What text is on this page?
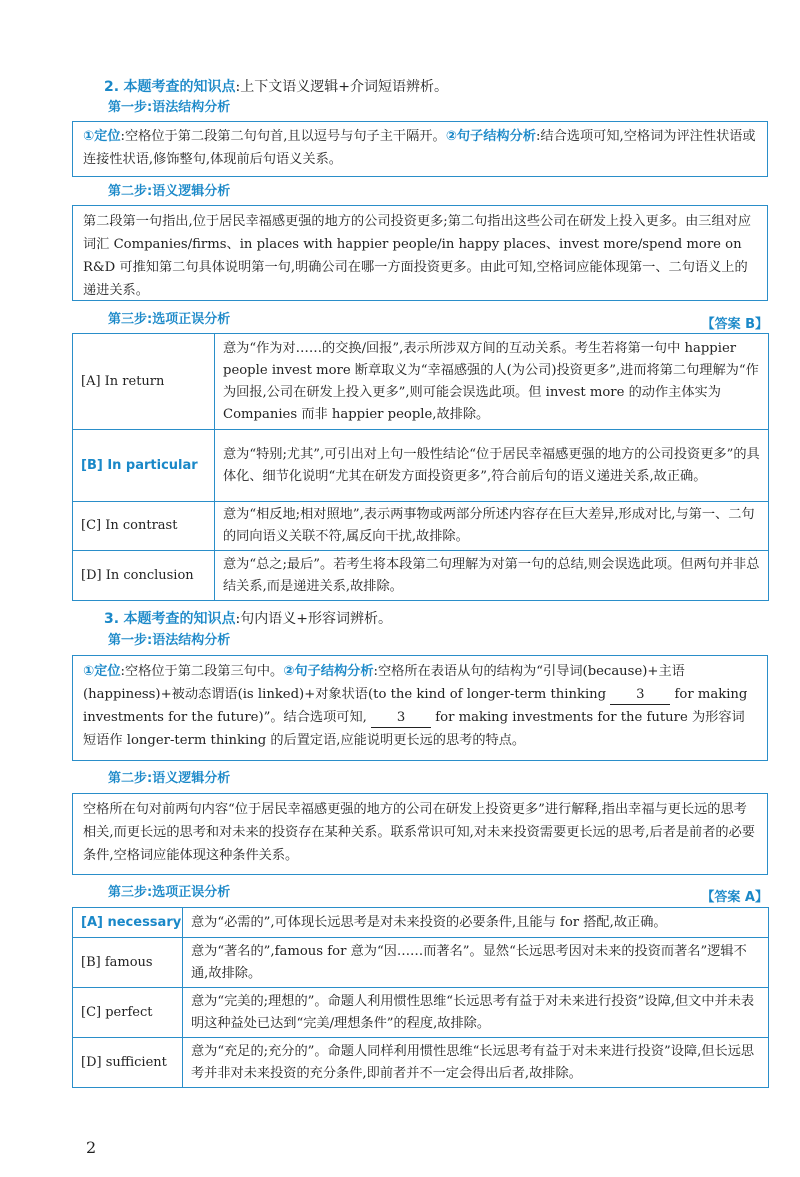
2. 本题考查的知识点:上下文语义逻辑+介词短语辨析。
第一步:语法结构分析
①定位:空格位于第二段第二句句首,且以逗号与句子主干隔开。②句子结构分析:结合选项可知,空格词为评注性状语或连接性状语,修饰整句,体现前后句语义关系。
第二步:语义逻辑分析
第二段第一句指出,位于居民幸福感更强的地方的公司投资更多;第二句指出这些公司在研发上投入更多。由三组对应词汇 Companies/firms、in places with happier people/in happy places、invest more/spend more on R&D 可推知第二句具体说明第一句,明确公司在哪一方面投资更多。由此可知,空格词应能体现第一、二句语义上的递进关系。
第三步:选项正误分析	【答案 B】
[A] In return	意为“作为对……的交换/回报”,表示所涉双方间的互动关系。考生若将第一句中 happier people invest more 断章取义为“幸福感强的人(为公司)投资更多”,进而将第二句理解为“作为回报,公司在研发上投入更多”,则可能会误选此项。但 invest more 的动作主体实为 Companies 而非 happier people,故排除。
[B] In particular	意为“特别;尤其”,可引出对上句一般性结论“位于居民幸福感更强的地方的公司投资更多”的具体化、细节化说明“尤其在研发方面投资更多”,符合前后句的语义递进关系,故正确。
[C] In contrast	意为“相反地;相对照地”,表示两事物或两部分所述内容存在巨大差异,形成对比,与第一、二句的同向语义关联不符,属反向干扰,故排除。
[D] In conclusion	意为“总之;最后”。若考生将本段第二句理解为对第一句的总结,则会误选此项。但两句并非总结关系,而是递进关系,故排除。
3. 本题考查的知识点:句内语义+形容词辨析。
第一步:语法结构分析
①定位:空格位于第二段第三句中。②句子结构分析:空格所在表语从句的结构为“引导词(because)+主语(happiness)+被动态谓语(is linked)+对象状语(to the kind of longer-term thinking 3 for making investments for the future)”。结合选项可知, 3 for making investments for the future 为形容词短语作 longer-term thinking 的后置定语,应能说明更长远的思考的特点。
第二步:语义逻辑分析
空格所在句对前两句内容“位于居民幸福感更强的地方的公司在研发上投资更多”进行解释,指出幸福与更长远的思考相关,而更长远的思考和对未来的投资存在某种关系。联系常识可知,对未来投资需要更长远的思考,后者是前者的必要条件,空格词应能体现这种条件关系。
第三步:选项正误分析	【答案 A】
[A] necessary	意为“必需的”,可体现长远思考是对未来投资的必要条件,且能与 for 搭配,故正确。
[B] famous	意为“著名的”,famous for 意为“因……而著名”。显然“长远思考因对未来的投资而著名”逻辑不通,故排除。
[C] perfect	意为“完美的;理想的”。命题人利用惯性思维“长远思考有益于对未来进行投资”设障,但文中并未表明这种益处已达到“完美/理想条件”的程度,故排除。
[D] sufficient	意为“充足的;充分的”。命题人同样利用惯性思维“长远思考有益于对未来进行投资”设障,但长远思考并非对未来投资的充分条件,即前者并不一定会得出后者,故排除。
2
